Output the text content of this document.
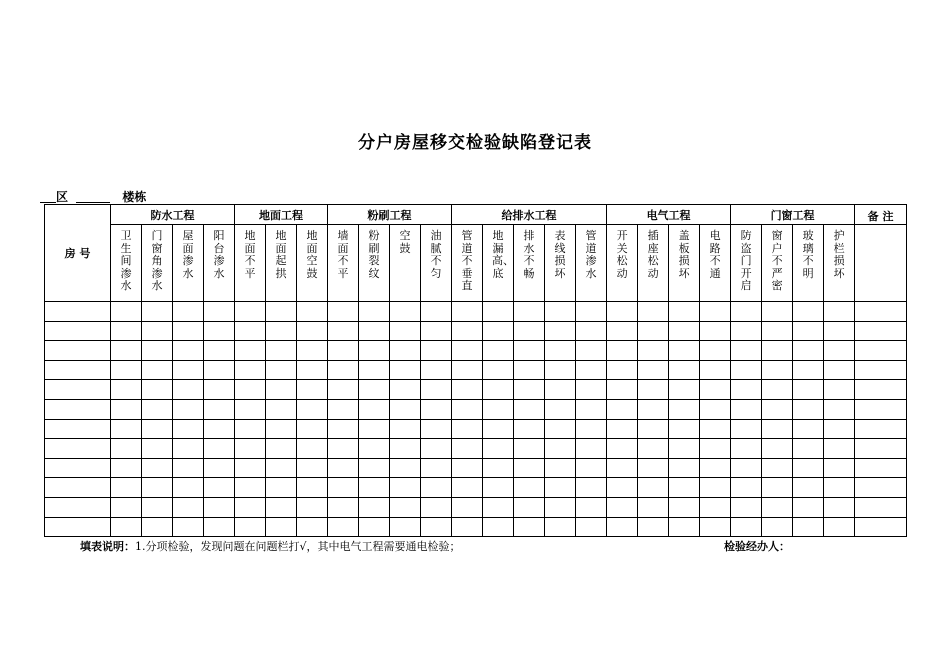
分户房屋移交检验缺陷登记表
区	楼栋
房 号	防水工程				地面工程			粉刷工程				给排水工程					电气工程				门窗工程				备 注
	卫生间渗水	门窗角渗水	屋面渗水	阳台渗水	地面不平	地面起拱	地面空鼓	墙面不平	粉刷裂纹	空鼓	油腻不匀	管道不垂直	地漏高、底	排水不畅	表线损坏	管道渗水	开关松动	插座松动	盖板损坏	电路不通	防盗门开启	窗户不严密	玻璃不明	护栏损坏	

填表说明：1.分项检验，发现问题在问题栏打√，其中电气工程需要通电检验；	检验经办人：
